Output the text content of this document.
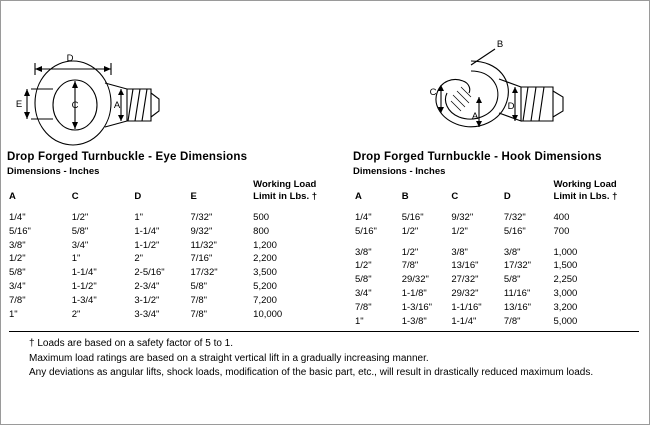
D
E	A
C
C
B
A
D
Drop Forged Turnbuckle - Eye Dimensions
Dimensions - Inches
A	C	D	E	Working Load
Limit in Lbs. †

1/4"	1/2"	1"	7/32"	500
5/16"	5/8"	1-1/4"	9/32"	800
3/8"	3/4"	1-1/2"	11/32"	1,200
1/2"	1"	2"	7/16"	2,200
5/8"	1-1/4"	2-5/16"	17/32"	3,500
3/4"	1-1/2"	2-3/4"	5/8"	5,200
7/8"	1-3/4"	3-1/2"	7/8"	7,200
1"	2"	3-3/4"	7/8"	10,000
Drop Forged Turnbuckle - Hook Dimensions
Dimensions - Inches
A	B	C	D	Working Load
Limit in Lbs. †

1/4"	5/16"	9/32"	7/32"	400
5/16"	1/2"	1/2"	5/16"	700

3/8"	1/2"	3/8"	3/8"	1,000
1/2"	7/8"	13/16"	17/32"	1,500
5/8"	29/32"	27/32"	5/8"	2,250
3/4"	1-1/8"	29/32"	11/16"	3,000
7/8"	1-3/16"	1-1/16"	13/16"	3,200
1"	1-3/8"	1-1/4"	7/8"	5,000
† Loads are based on a safety factor of 5 to 1.
Maximum load ratings are based on a straight vertical lift in a gradually increasing manner.
Any deviations as angular lifts, shock loads, modification of the basic part, etc., will result in drastically reduced maximum loads.
